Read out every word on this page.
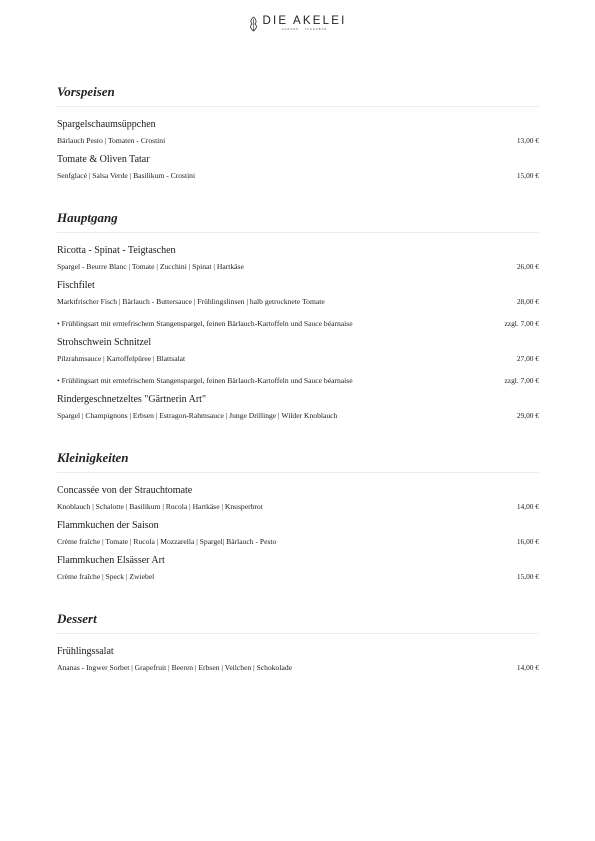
DIE AKELEI
GARDEN . TAGESBAR
Vorspeisen
Spargelschaumsüppchen
Bärlauch Pesto | Tomaten - Crostini	13,00 €
Tomate & Oliven Tatar
Senfglacé | Salsa Verde | Basilikum - Crostini	15,00 €
Hauptgang
Ricotta - Spinat - Teigtaschen
Spargel - Beurre Blanc | Tomate | Zucchini | Spinat | Hartkäse	26,00 €
Fischfilet
Marktfrischer Fisch | Bärlauch - Buttersauce | Frühlingslinsen | halb getrocknete Tomate	28,00 €
• Frühlingsart mit erntefrischem Stangenspargel, feinen Bärlauch-Kartoffeln und Sauce béarnaise	zzgl. 7,00 €
Strohschwein Schnitzel
Pilzrahmsauce | Kartoffelpüree | Blattsalat	27,00 €
• Frühlingsart mit erntefrischem Stangenspargel, feinen Bärlauch-Kartoffeln und Sauce béarnaise	zzgl. 7,00 €
Rindergeschnetzeltes "Gärtnerin Art"
Spargel | Champignons | Erbsen | Estragon-Rahmsauce | Junge Drillinge | Wilder Knoblauch	29,00 €
Kleinigkeiten
Concassée von der Strauchtomate
Knoblauch | Schalotte | Basilikum | Rucola | Hartkäse | Knusperbrot	14,00 €
Flammkuchen der Saison
Crème fraîche | Tomate | Rucola | Mozzarella | Spargel| Bärlauch - Pesto	16,00 €
Flammkuchen Elsässer Art
Crème fraîche | Speck | Zwiebel	15,00 €
Dessert
Frühlingssalat
Ananas - Ingwer Sorbet | Grapefruit | Beeren | Erbsen | Veilchen | Schokolade	14,00 €
